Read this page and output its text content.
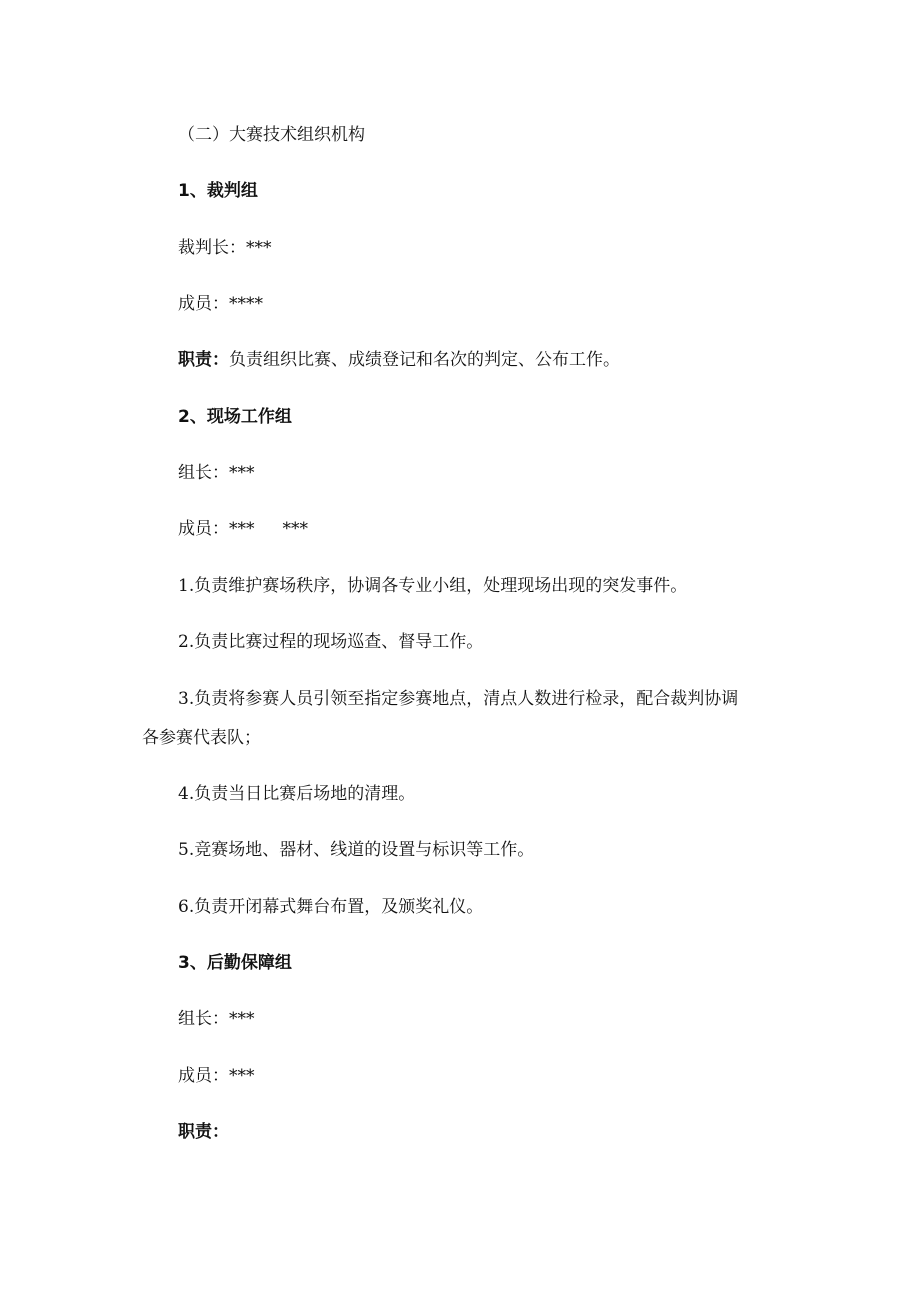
（二）大赛技术组织机构
1、裁判组
裁判长：***
成员：****
职责：负责组织比赛、成绩登记和名次的判定、公布工作。
2、现场工作组
组长：***
成员：*** ***
1.负责维护赛场秩序，协调各专业小组，处理现场出现的突发事件。
2.负责比赛过程的现场巡查、督导工作。
3.负责将参赛人员引领至指定参赛地点，清点人数进行检录，配合裁判协调
各参赛代表队；
4.负责当日比赛后场地的清理。
5.竞赛场地、器材、线道的设置与标识等工作。
6.负责开闭幕式舞台布置，及颁奖礼仪。
3、后勤保障组
组长：***
成员：***
职责：
